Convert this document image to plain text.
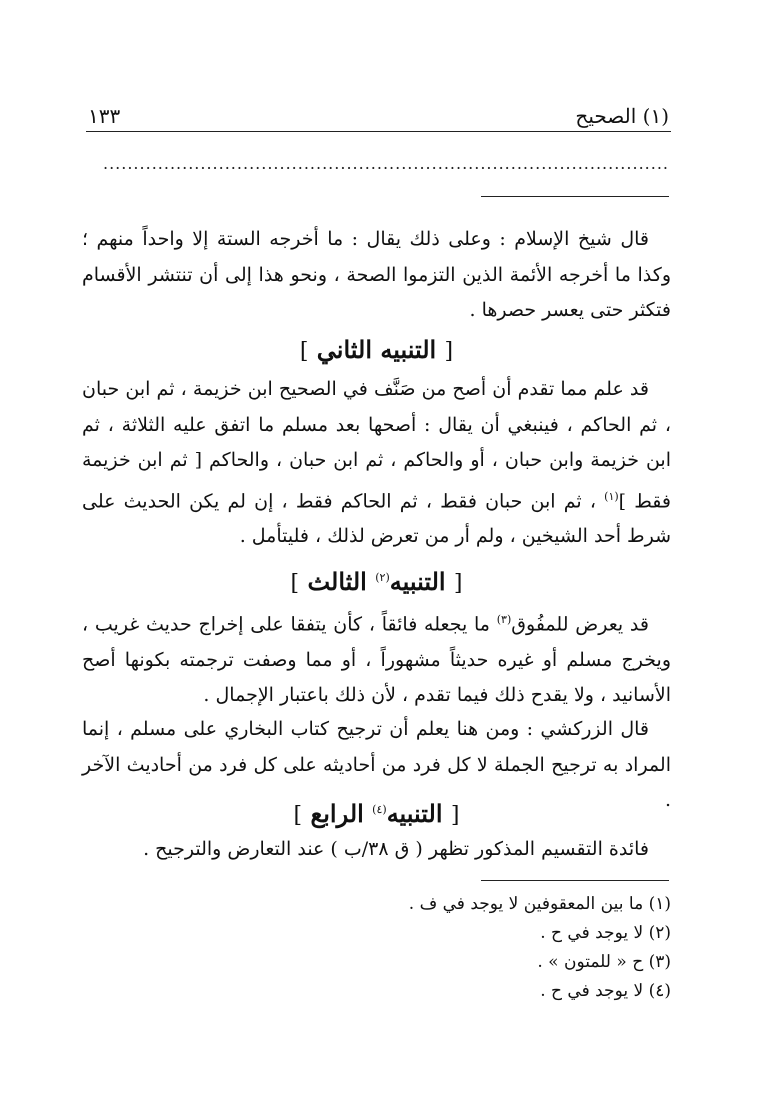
(١) الصحيح
١٣٣
.............................................................................................

قال شيخ الإسلام : وعلى ذلك يقال : ما أخرجه الستة إلا واحداً منهم ؛ وكذا ما أخرجه الأئمة الذين التزموا الصحة ، ونحو هذا إلى أن تنتشر الأقسام فتكثر حتى يعسر حصرها .

[ التنبيه الثاني ]

قد علم مما تقدم أن أصح من صَنَّف في الصحيح ابن خزيمة ، ثم ابن حبان ، ثم الحاكم ، فينبغي أن يقال : أصحها بعد مسلم ما اتفق عليه الثلاثة ، ثم ابن خزيمة وابن حبان ، أو والحاكم ، ثم ابن حبان ، والحاكم [ ثم ابن خزيمة فقط ]$^{(١)}$ ، ثم ابن حبان فقط ، ثم الحاكم فقط ، إن لم يكن الحديث على شرط أحد الشيخين ، ولم أر من تعرض لذلك ، فليتأمل .

[ التنبيه$^{(٢)}$ الثالث ]

قد يعرض للمفُوق$^{(٣)}$ ما يجعله فائقاً ، كأن يتفقا على إخراج حديث غريب ، ويخرج مسلم أو غيره حديثاً مشهوراً ، أو مما وصفت ترجمته بكونها أصح الأسانيد ، ولا يقدح ذلك فيما تقدم ، لأن ذلك باعتبار الإجمال .

قال الزركشي : ومن هنا يعلم أن ترجيح كتاب البخاري على مسلم ، إنما المراد به ترجيح الجملة لا كل فرد من أحاديثه على كل فرد من أحاديث الآخر .

[ التنبيه$^{(٤)}$ الرابع ]

فائدة التقسيم المذكور تظهر ( ق ٣٨/ب ) عند التعارض والترجيح .

(١) ما بين المعقوفين لا يوجد في ف .
(٢) لا يوجد في ح .
(٣) ح « للمتون » .
(٤) لا يوجد في ح .
